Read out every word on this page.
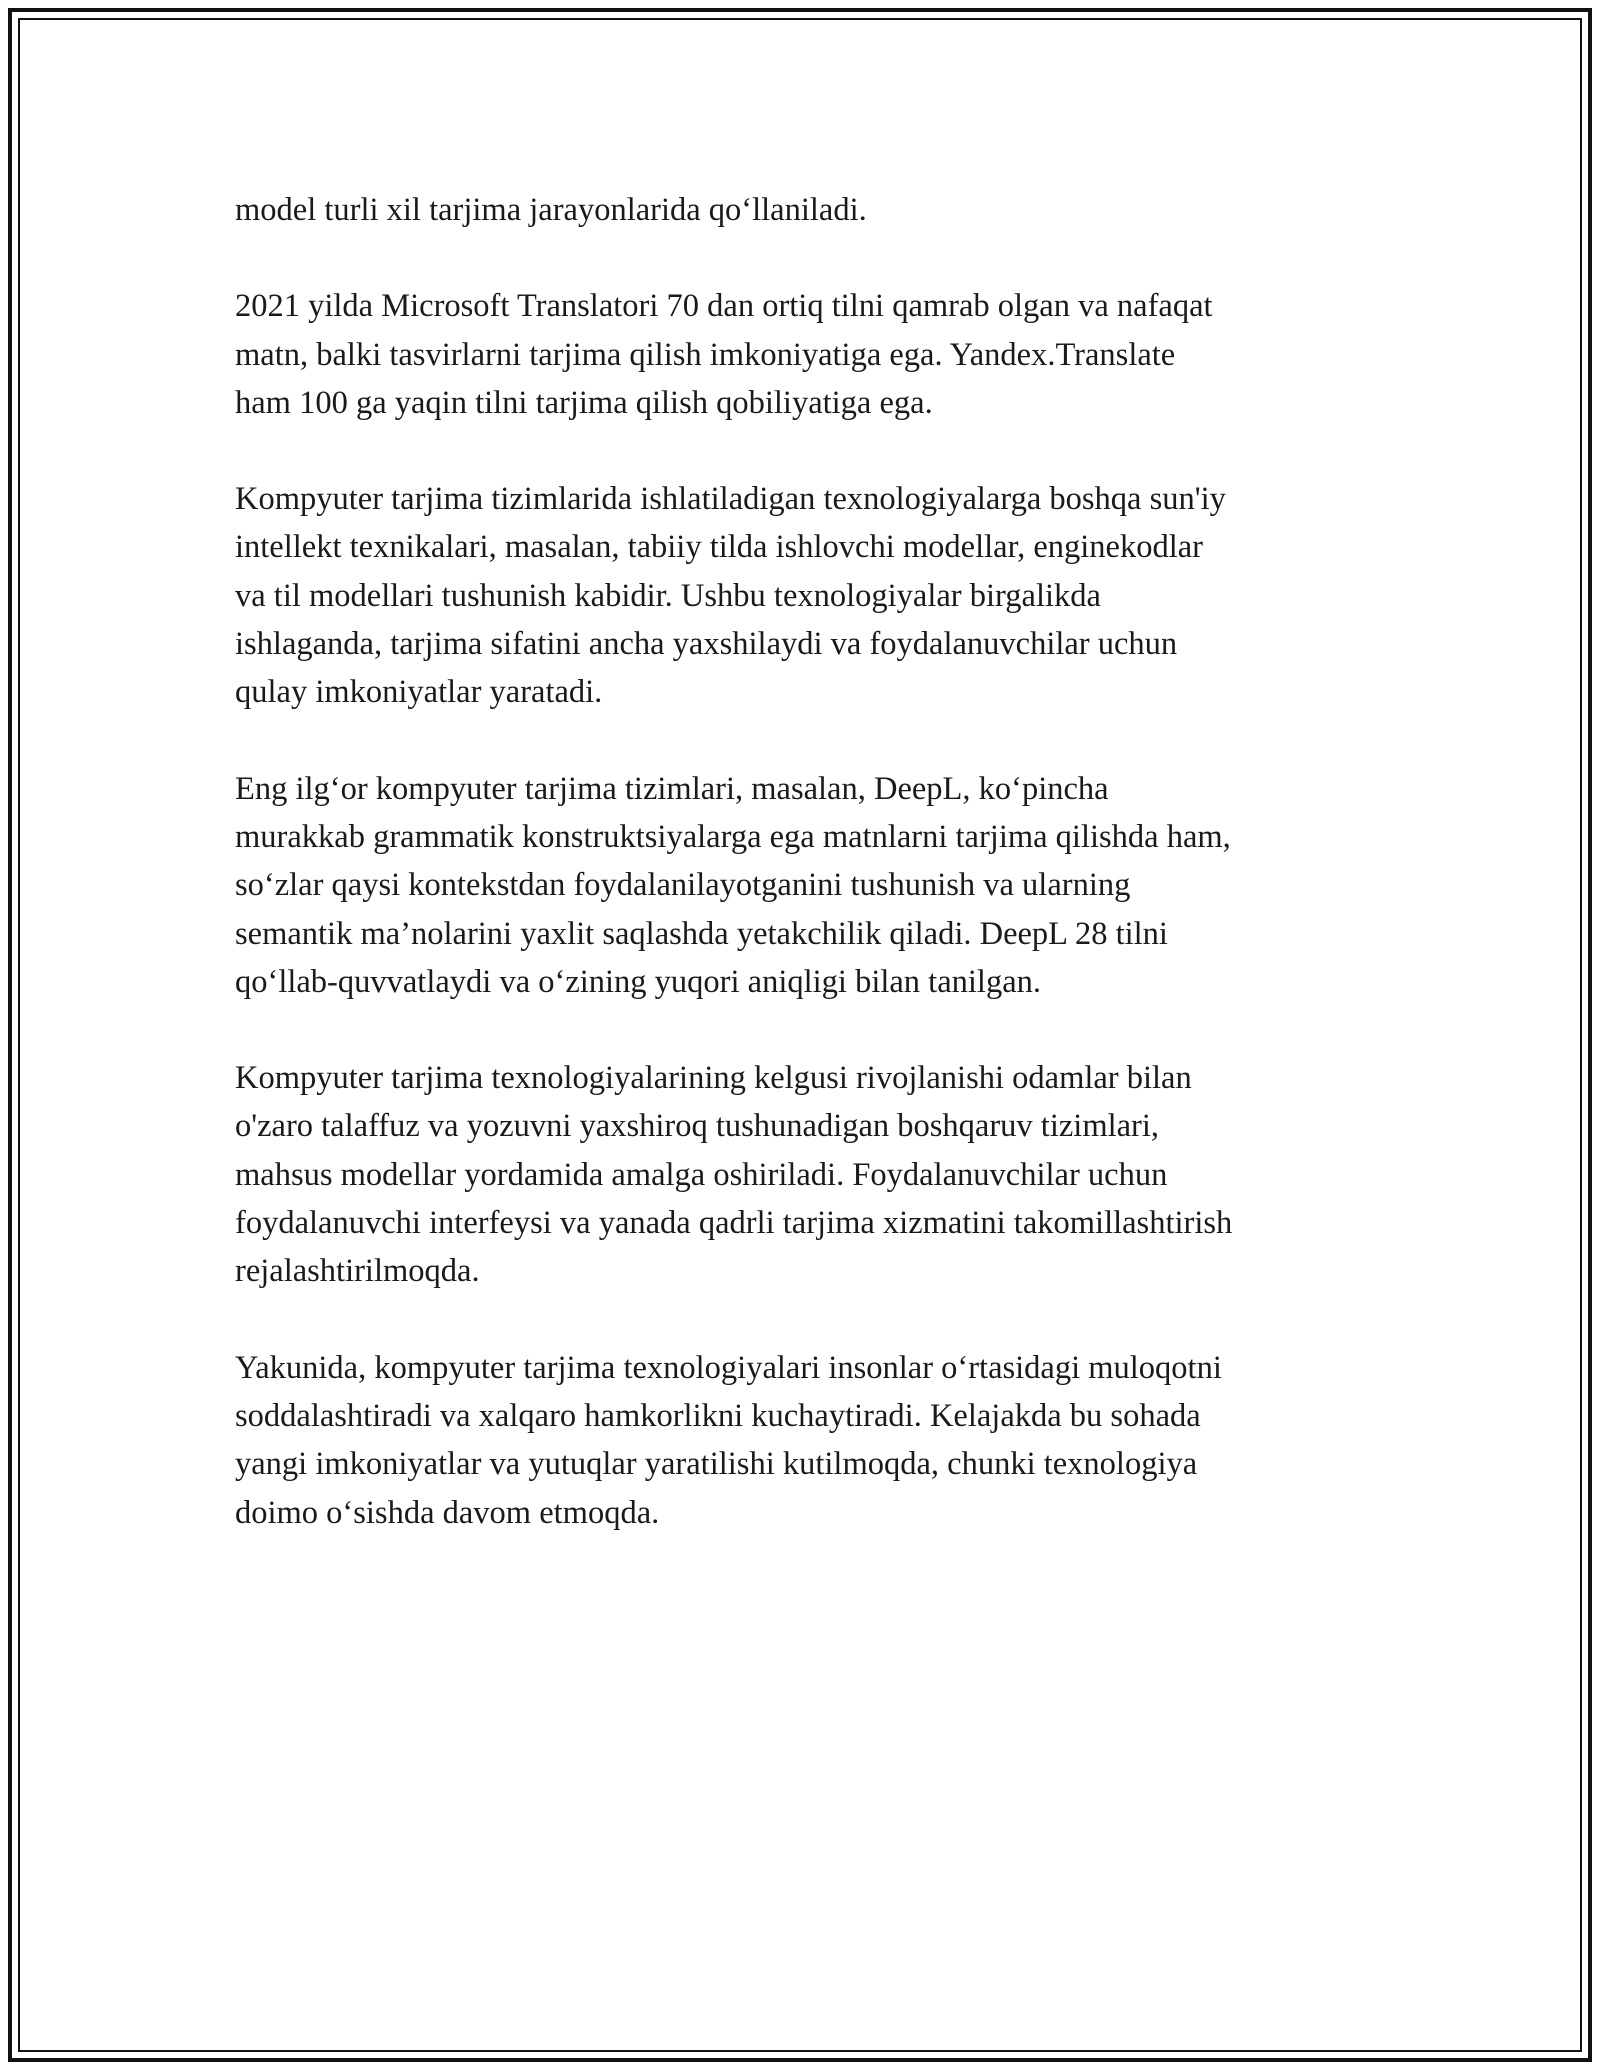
model turli xil tarjima jarayonlarida qo‘llaniladi.

2021 yilda Microsoft Translatori 70 dan ortiq tilni qamrab olgan va nafaqat
matn, balki tasvirlarni tarjima qilish imkoniyatiga ega. Yandex.Translate
ham 100 ga yaqin tilni tarjima qilish qobiliyatiga ega.

Kompyuter tarjima tizimlarida ishlatiladigan texnologiyalarga boshqa sun'iy
intellekt texnikalari, masalan, tabiiy tilda ishlovchi modellar, enginekodlar
va til modellari tushunish kabidir. Ushbu texnologiyalar birgalikda
ishlaganda, tarjima sifatini ancha yaxshilaydi va foydalanuvchilar uchun
qulay imkoniyatlar yaratadi.

Eng ilg‘or kompyuter tarjima tizimlari, masalan, DeepL, ko‘pincha
murakkab grammatik konstruktsiyalarga ega matnlarni tarjima qilishda ham,
so‘zlar qaysi kontekstdan foydalanilayotganini tushunish va ularning
semantik ma’nolarini yaxlit saqlashda yetakchilik qiladi. DeepL 28 tilni
qo‘llab-quvvatlaydi va o‘zining yuqori aniqligi bilan tanilgan.

Kompyuter tarjima texnologiyalarining kelgusi rivojlanishi odamlar bilan
o'zaro talaffuz va yozuvni yaxshiroq tushunadigan boshqaruv tizimlari,
mahsus modellar yordamida amalga oshiriladi. Foydalanuvchilar uchun
foydalanuvchi interfeysi va yanada qadrli tarjima xizmatini takomillashtirish
rejalashtirilmoqda.

Yakunida, kompyuter tarjima texnologiyalari insonlar o‘rtasidagi muloqotni
soddalashtiradi va xalqaro hamkorlikni kuchaytiradi. Kelajakda bu sohada
yangi imkoniyatlar va yutuqlar yaratilishi kutilmoqda, chunki texnologiya
doimo o‘sishda davom etmoqda.
